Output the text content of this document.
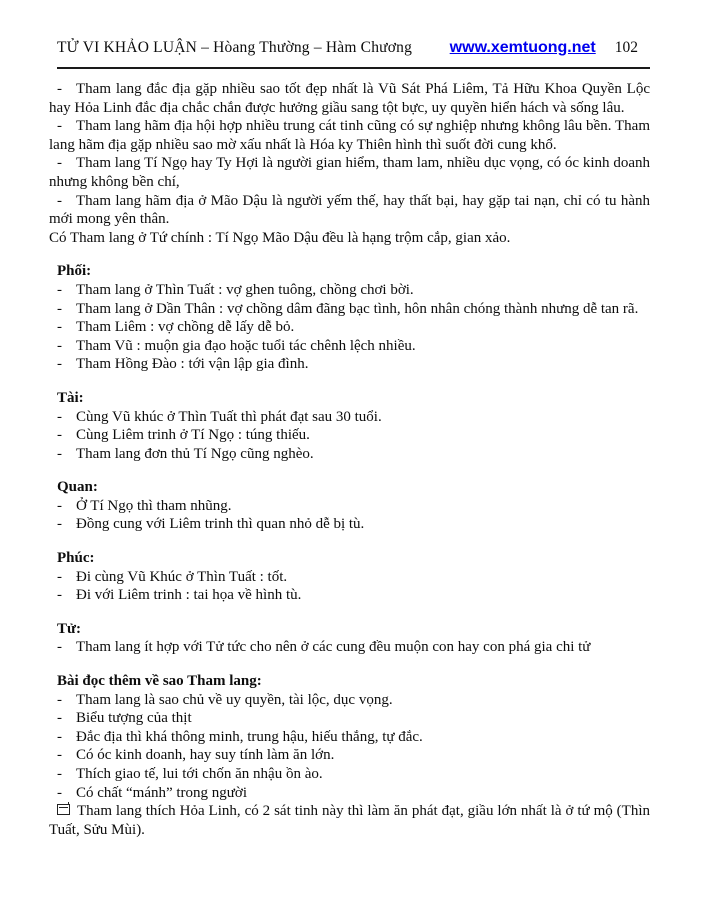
TỬ VI KHẢO LUẬN – Hòang Thường – Hàm Chương	www.xemtuong.net 102

- Tham lang đắc địa gặp nhiều sao tốt đẹp nhất là Vũ Sát Phá Liêm, Tả Hữu Khoa Quyền Lộc hay Hỏa Linh đắc địa chắc chắn được hưởng giầu sang tột bực, uy quyền hiển hách và sống lâu.

- Tham lang hãm địa hội hợp nhiều trung cát tinh cũng có sự nghiệp nhưng không lâu bền. Tham lang hãm địa gặp nhiều sao mờ xấu nhất là Hóa ky Thiên hình thì suốt đời cung khổ.

- Tham lang Tí Ngọ hay Ty Hợi là người gian hiểm, tham lam, nhiều dục vọng, có óc kinh doanh nhưng không bền chí,

- Tham lang hãm địa ở Mão Dậu là người yếm thế, hay thất bại, hay gặp tai nạn, chỉ có tu hành mới mong yên thân.

Có Tham lang ở Tứ chính : Tí Ngọ Mão Dậu đều là hạng trộm cắp, gian xảo.

Phối:

- Tham lang ở Thìn Tuất : vợ ghen tuông, chồng chơi bời.

- Tham lang ở Dần Thân : vợ chồng dâm đãng bạc tình, hôn nhân chóng thành nhưng dễ tan rã.

- Tham Liêm : vợ chồng dễ lấy dễ bỏ.

- Tham Vũ : muộn gia đạo hoặc tuổi tác chênh lệch nhiều.

- Tham Hồng Đào : tới vận lập gia đình.

Tài:

- Cùng Vũ khúc ở Thìn Tuất thì phát đạt sau 30 tuổi.

- Cùng Liêm trinh ở Tí Ngọ : túng thiếu.

- Tham lang đơn thủ Tí Ngọ cũng nghèo.

Quan:

- Ở Tí Ngọ thì tham nhũng.

- Đồng cung với Liêm trinh thì quan nhỏ dễ bị tù.

Phúc:

- Đi cùng Vũ Khúc ở Thìn Tuất : tốt.

- Đi với Liêm trinh : tai họa về hình tù.

Tử:

- Tham lang ít hợp với Tử tức cho nên ở các cung đều muộn con hay con phá gia chi tử

Bài đọc thêm về sao Tham lang:

- Tham lang là sao chủ về uy quyền, tài lộc, dục vọng.

- Biểu tượng của thịt

- Đắc địa thì khá thông minh, trung hậu, hiếu thắng, tự đắc.

- Có óc kinh doanh, hay suy tính làm ăn lớn.

- Thích giao tế, lui tới chốn ăn nhậu ồn ào.

- Có chất “mánh” trong người

Tham lang thích Hỏa Linh, có 2 sát tinh này thì làm ăn phát đạt, giầu lớn nhất là ở tứ mộ (Thìn Tuất, Sửu Mùi).
